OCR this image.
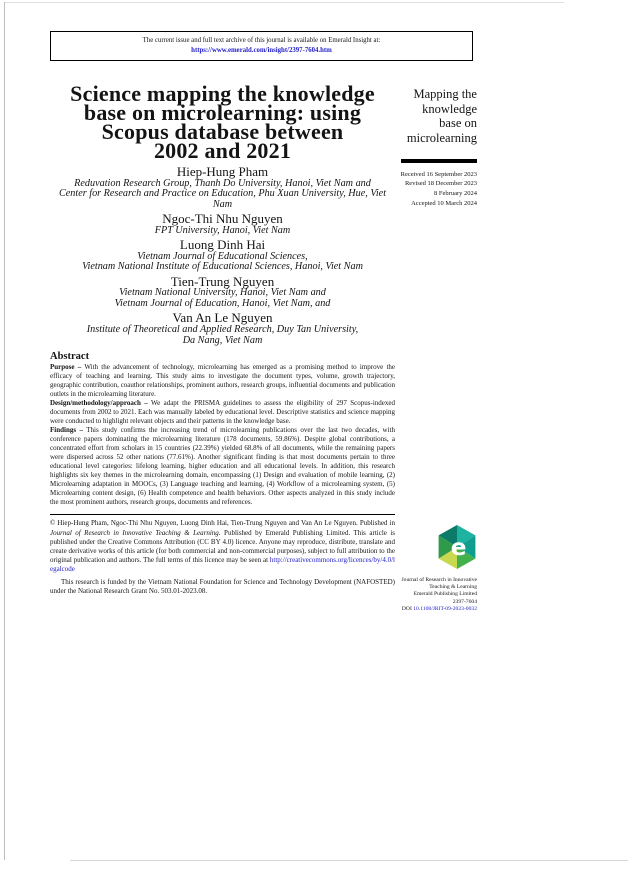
The current issue and full text archive of this journal is available on Emerald Insight at:
https://www.emerald.com/insight/2397-7604.htm
Science mapping the knowledge
base on microlearning: using
Scopus database between
2002 and 2021
Hiep-Hung Pham
Reduvation Research Group, Thanh Do University, Hanoi, Viet Nam and
Center for Research and Practice on Education, Phu Xuan University, Hue, Viet Nam
Ngoc-Thi Nhu Nguyen
FPT University, Hanoi, Viet Nam
Luong Dinh Hai
Vietnam Journal of Educational Sciences,
Vietnam National Institute of Educational Sciences, Hanoi, Viet Nam
Tien-Trung Nguyen
Vietnam National University, Hanoi, Viet Nam and
Vietnam Journal of Education, Hanoi, Viet Nam, and
Van An Le Nguyen
Institute of Theoretical and Applied Research, Duy Tan University,
Da Nang, Viet Nam
Abstract

Purpose – With the advancement of technology, microlearning has emerged as a promising method to improve the efficacy of teaching and learning. This study aims to investigate the document types, volume, growth trajectory, geographic contribution, coauthor relationships, prominent authors, research groups, influential documents and publication outlets in the microlearning literature.

Design/methodology/approach – We adapt the PRISMA guidelines to assess the eligibility of 297 Scopus-indexed documents from 2002 to 2021. Each was manually labeled by educational level. Descriptive statistics and science mapping were conducted to highlight relevant objects and their patterns in the knowledge base.

Findings – This study confirms the increasing trend of microlearning publications over the last two decades, with conference papers dominating the microlearning literature (178 documents, 59.86%). Despite global contributions, a concentrated effort from scholars in 15 countries (22.39%) yielded 68.8% of all documents, while the remaining papers were dispersed across 52 other nations (77.61%). Another significant finding is that most documents pertain to three educational level categories: lifelong learning, higher education and all educational levels. In addition, this research highlights six key themes in the microlearning domain, encompassing (1) Design and evaluation of mobile learning, (2) Microlearning adaptation in MOOCs, (3) Language teaching and learning, (4) Workflow of a microlearning system, (5) Microlearning content design, (6) Health competence and health behaviors. Other aspects analyzed in this study include the most prominent authors, research groups, documents and references.

© Hiep-Hung Pham, Ngoc-Thi Nhu Nguyen, Luong Dinh Hai, Tien-Trung Nguyen and Van An Le Nguyen. Published in Journal of Research in Innovative Teaching & Learning. Published by Emerald Publishing Limited. This article is published under the Creative Commons Attribution (CC BY 4.0) licence. Anyone may reproduce, distribute, translate and create derivative works of this article (for both commercial and non-commercial purposes), subject to full attribution to the original publication and authors. The full terms of this licence may be seen at http://creativecommons.org/licences/by/4.0/legalcode

This research is funded by the Vietnam National Foundation for Science and Technology Development (NAFOSTED) under the National Research Grant No. 503.01-2023.08.

Mapping the
knowledge
base on
microlearning
Received 16 September 2023
Revised 18 December 2023
8 February 2024
Accepted 10 March 2024
e
Journal of Research in Innovative
Teaching & Learning
Emerald Publishing Limited
2397-7604
DOI 10.1108/JRIT-09-2023-0032
